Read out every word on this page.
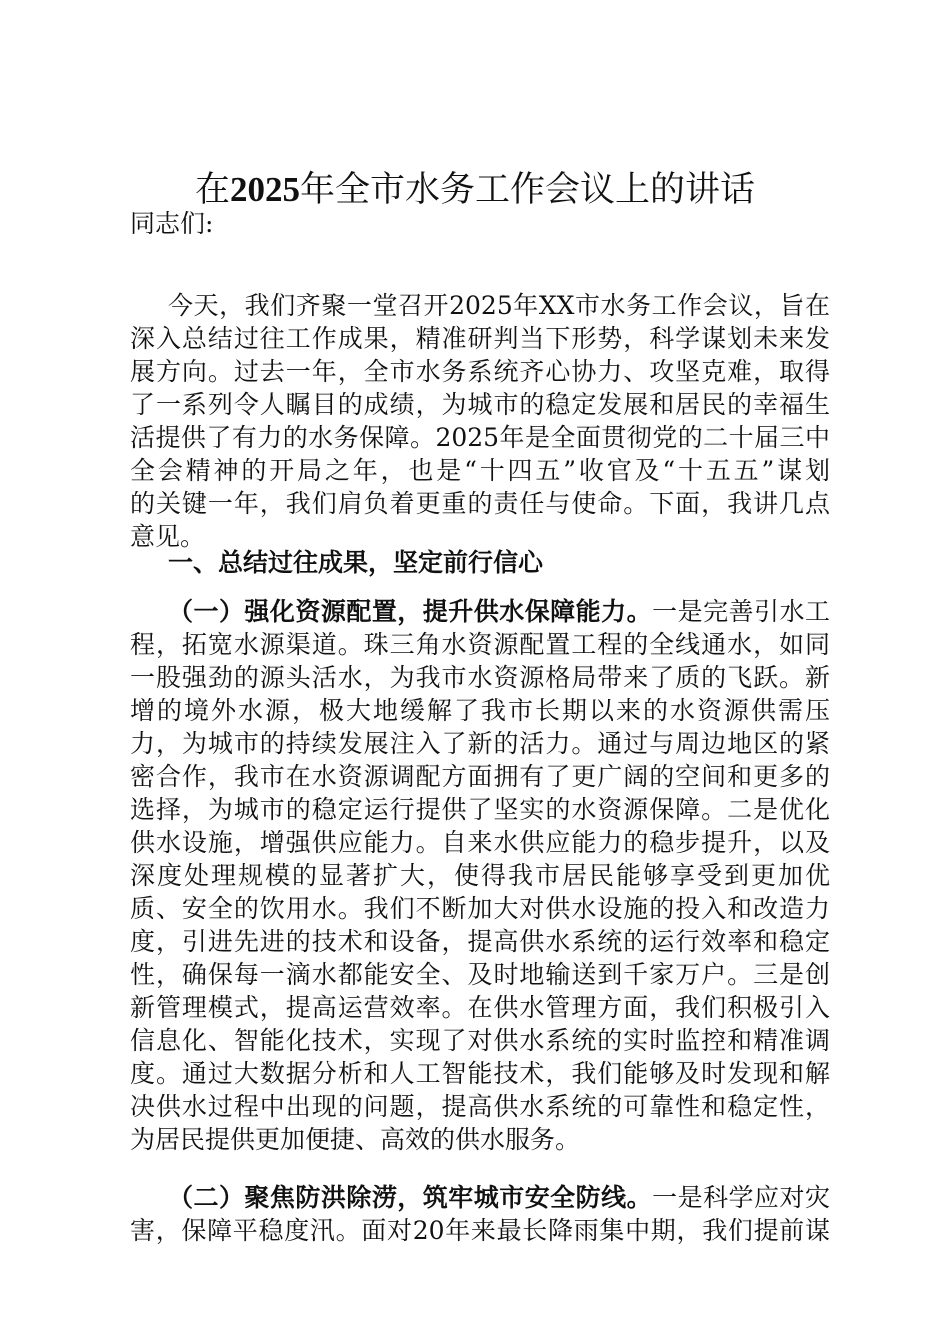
在2025年全市水务工作会议上的讲话
同志们:
今天，我们齐聚一堂召开2025年XX市水务工作会议，旨在
深入总结过往工作成果，精准研判当下形势，科学谋划未来发
展方向。过去一年，全市水务系统齐心协力、攻坚克难，取得
了一系列令人瞩目的成绩，为城市的稳定发展和居民的幸福生
活提供了有力的水务保障。2025年是全面贯彻党的二十届三中
全会精神的开局之年，也是“十四五”收官及“十五五”谋划
的关键一年，我们肩负着更重的责任与使命。下面，我讲几点
意见。
一、总结过往成果，坚定前行信心
（一）强化资源配置，提升供水保障能力。一是完善引水工
程，拓宽水源渠道。珠三角水资源配置工程的全线通水，如同
一股强劲的源头活水，为我市水资源格局带来了质的飞跃。新
增的境外水源，极大地缓解了我市长期以来的水资源供需压
力，为城市的持续发展注入了新的活力。通过与周边地区的紧
密合作，我市在水资源调配方面拥有了更广阔的空间和更多的
选择，为城市的稳定运行提供了坚实的水资源保障。二是优化
供水设施，增强供应能力。自来水供应能力的稳步提升，以及
深度处理规模的显著扩大，使得我市居民能够享受到更加优
质、安全的饮用水。我们不断加大对供水设施的投入和改造力
度，引进先进的技术和设备，提高供水系统的运行效率和稳定
性，确保每一滴水都能安全、及时地输送到千家万户。三是创
新管理模式，提高运营效率。在供水管理方面，我们积极引入
信息化、智能化技术，实现了对供水系统的实时监控和精准调
度。通过大数据分析和人工智能技术，我们能够及时发现和解
决供水过程中出现的问题，提高供水系统的可靠性和稳定性，
为居民提供更加便捷、高效的供水服务。
（二）聚焦防洪除涝，筑牢城市安全防线。一是科学应对灾
害，保障平稳度汛。面对20年来最长降雨集中期，我们提前谋
